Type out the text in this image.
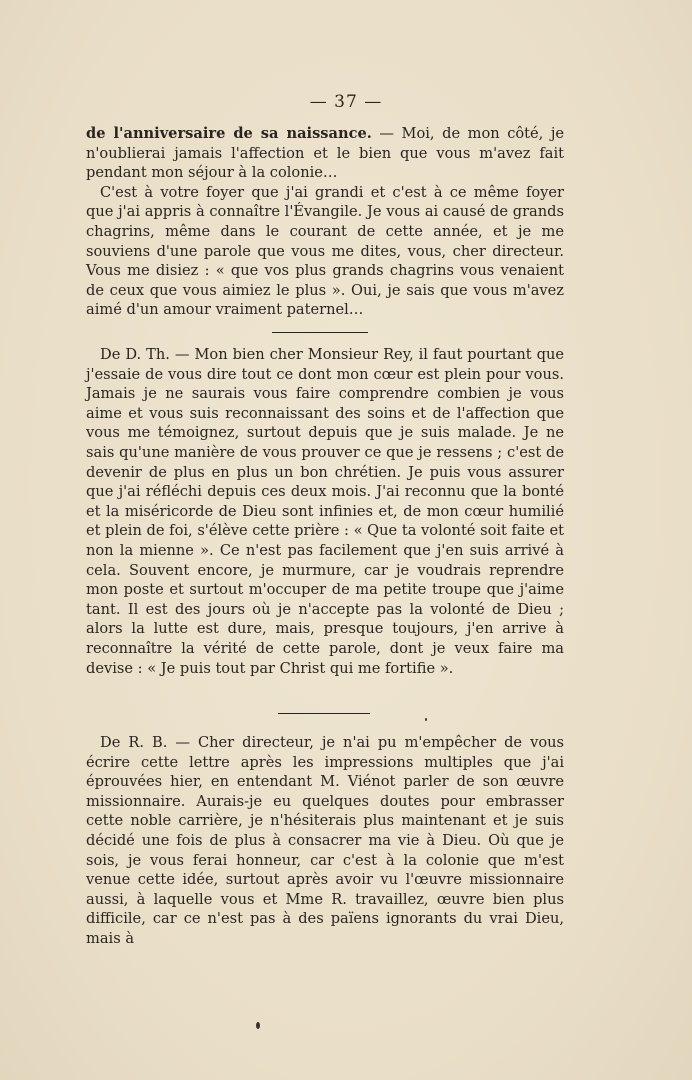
— 37 —

de l'anniversaire de sa naissance. — Moi, de mon côté, je n'oublierai jamais l'affection et le bien que vous m'avez fait pendant mon séjour à la colonie…

C'est à votre foyer que j'ai grandi et c'est à ce même foyer que j'ai appris à connaître l'Évangile. Je vous ai causé de grands chagrins, même dans le courant de cette année, et je me souviens d'une parole que vous me dites, vous, cher directeur. Vous me disiez : « que vos plus grands chagrins vous venaient de ceux que vous aimiez le plus ». Oui, je sais que vous m'avez aimé d'un amour vraiment paternel…

De D. Th. — Mon bien cher Monsieur Rey, il faut pourtant que j'essaie de vous dire tout ce dont mon cœur est plein pour vous. Jamais je ne saurais vous faire comprendre combien je vous aime et vous suis reconnaissant des soins et de l'affection que vous me témoignez, surtout depuis que je suis malade. Je ne sais qu'une manière de vous prouver ce que je ressens ; c'est de devenir de plus en plus un bon chrétien. Je puis vous assurer que j'ai réfléchi depuis ces deux mois. J'ai reconnu que la bonté et la miséricorde de Dieu sont infinies et, de mon cœur humilié et plein de foi, s'élève cette prière : « Que ta volonté soit faite et non la mienne ». Ce n'est pas facilement que j'en suis arrivé à cela. Souvent encore, je murmure, car je voudrais reprendre mon poste et surtout m'occuper de ma petite troupe que j'aime tant. Il est des jours où je n'accepte pas la volonté de Dieu ; alors la lutte est dure, mais, presque toujours, j'en arrive à reconnaître la vérité de cette parole, dont je veux faire ma devise : « Je puis tout par Christ qui me fortifie ».

De R. B. — Cher directeur, je n'ai pu m'empêcher de vous écrire cette lettre après les impressions multiples que j'ai éprouvées hier, en entendant M. Viénot parler de son œuvre missionnaire. Aurais-je eu quelques doutes pour embrasser cette noble carrière, je n'hésiterais plus maintenant et je suis décidé une fois de plus à consacrer ma vie à Dieu. Où que je sois, je vous ferai honneur, car c'est à la colonie que m'est venue cette idée, surtout après avoir vu l'œuvre missionnaire aussi, à laquelle vous et Mme R. travaillez, œuvre bien plus difficile, car ce n'est pas à des païens ignorants du vrai Dieu, mais à
